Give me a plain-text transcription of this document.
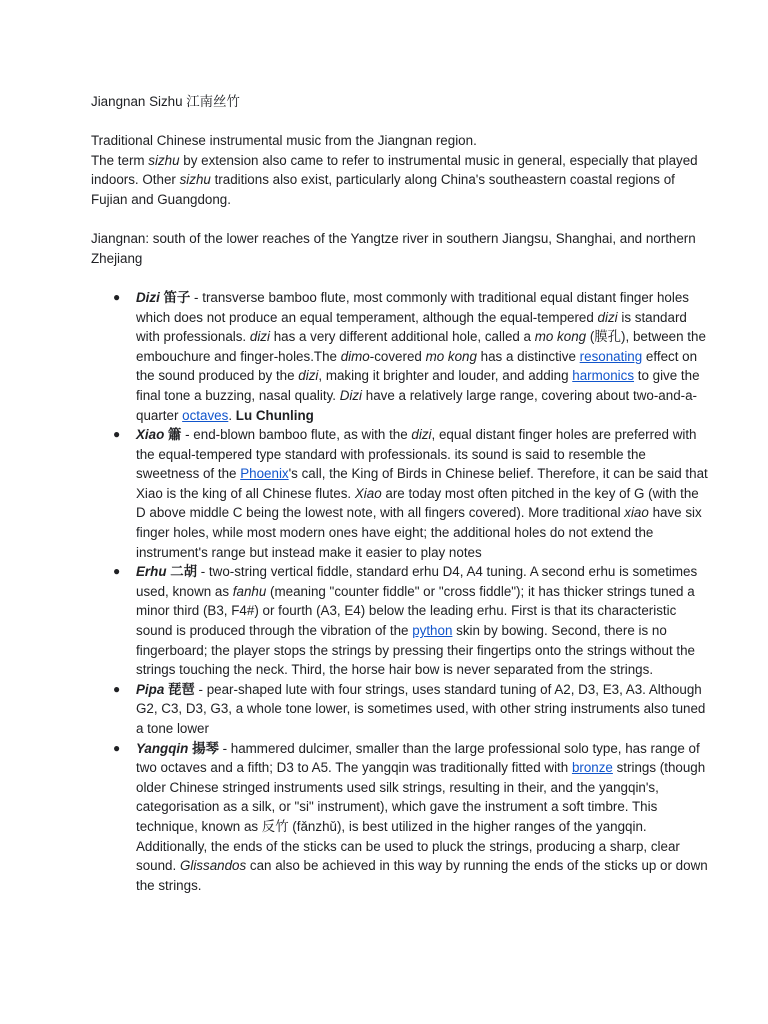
Jiangnan Sizhu 江南丝竹

Traditional Chinese instrumental music from the Jiangnan region.

The term sizhu by extension also came to refer to instrumental music in general, especially that played indoors. Other sizhu traditions also exist, particularly along China's southeastern coastal regions of Fujian and Guangdong.

Jiangnan: south of the lower reaches of the Yangtze river in southern Jiangsu, Shanghai, and northern Zhejiang

● Dizi 笛子 - transverse bamboo flute, most commonly with traditional equal distant finger holes which does not produce an equal temperament, although the equal-tempered dizi is standard with professionals. dizi has a very different additional hole, called a mo kong (膜孔), between the embouchure and finger-holes.The dimo-covered mo kong has a distinctive resonating effect on the sound produced by the dizi, making it brighter and louder, and adding harmonics to give the final tone a buzzing, nasal quality. Dizi have a relatively large range, covering about two-and-a-quarter octaves. Lu Chunling
● Xiao 簫 - end-blown bamboo flute, as with the dizi, equal distant finger holes are preferred with the equal-tempered type standard with professionals. its sound is said to resemble the sweetness of the Phoenix's call, the King of Birds in Chinese belief. Therefore, it can be said that Xiao is the king of all Chinese flutes. Xiao are today most often pitched in the key of G (with the D above middle C being the lowest note, with all fingers covered). More traditional xiao have six finger holes, while most modern ones have eight; the additional holes do not extend the instrument's range but instead make it easier to play notes
● Erhu 二胡 - two-string vertical fiddle, standard erhu D4, A4 tuning. A second erhu is sometimes used, known as fanhu (meaning "counter fiddle" or "cross fiddle"); it has thicker strings tuned a minor third (B3, F4#) or fourth (A3, E4) below the leading erhu. First is that its characteristic sound is produced through the vibration of the python skin by bowing. Second, there is no fingerboard; the player stops the strings by pressing their fingertips onto the strings without the strings touching the neck. Third, the horse hair bow is never separated from the strings.
● Pipa 琵琶 - pear-shaped lute with four strings, uses standard tuning of A2, D3, E3, A3. Although G2, C3, D3, G3, a whole tone lower, is sometimes used, with other string instruments also tuned a tone lower
● Yangqin 揚琴 - hammered dulcimer, smaller than the large professional solo type, has range of two octaves and a fifth; D3 to A5. The yangqin was traditionally fitted with bronze strings (though older Chinese stringed instruments used silk strings, resulting in their, and the yangqin's, categorisation as a silk, or "si" instrument), which gave the instrument a soft timbre. This technique, known as 反竹 (fǎnzhǔ), is best utilized in the higher ranges of the yangqin. Additionally, the ends of the sticks can be used to pluck the strings, producing a sharp, clear sound. Glissandos can also be achieved in this way by running the ends of the sticks up or down the strings.
